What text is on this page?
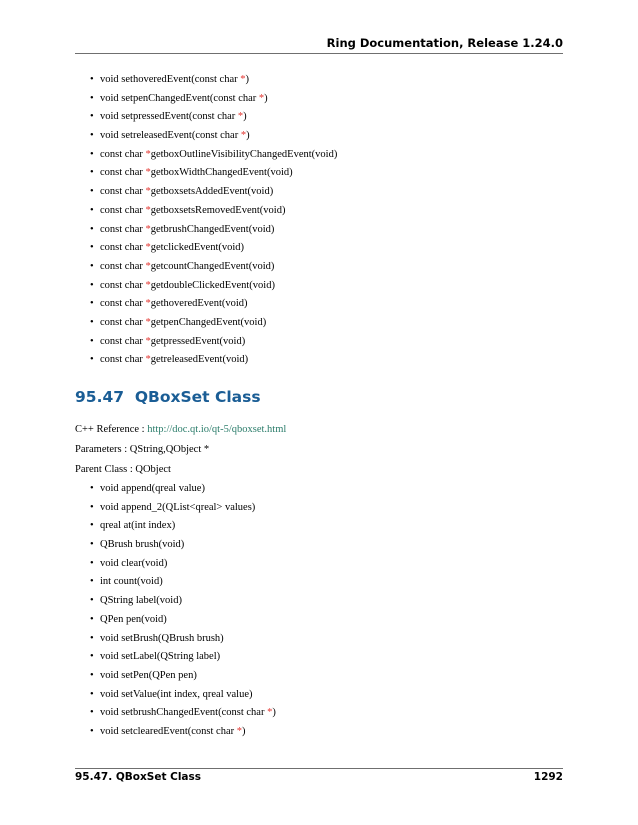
Ring Documentation, Release 1.24.0
• void sethoveredEvent(const char *)
• void setpenChangedEvent(const char *)
• void setpressedEvent(const char *)
• void setreleasedEvent(const char *)
• const char *getboxOutlineVisibilityChangedEvent(void)
• const char *getboxWidthChangedEvent(void)
• const char *getboxsetsAddedEvent(void)
• const char *getboxsetsRemovedEvent(void)
• const char *getbrushChangedEvent(void)
• const char *getclickedEvent(void)
• const char *getcountChangedEvent(void)
• const char *getdoubleClickedEvent(void)
• const char *gethoveredEvent(void)
• const char *getpenChangedEvent(void)
• const char *getpressedEvent(void)
• const char *getreleasedEvent(void)
95.47 QBoxSet Class
C++ Reference : http://doc.qt.io/qt-5/qboxset.html
Parameters : QString,QObject *
Parent Class : QObject
• void append(qreal value)
• void append_2(QList<qreal> values)
• qreal at(int index)
• QBrush brush(void)
• void clear(void)
• int count(void)
• QString label(void)
• QPen pen(void)
• void setBrush(QBrush brush)
• void setLabel(QString label)
• void setPen(QPen pen)
• void setValue(int index, qreal value)
• void setbrushChangedEvent(const char *)
• void setclearedEvent(const char *)
95.47. QBoxSet Class	1292
